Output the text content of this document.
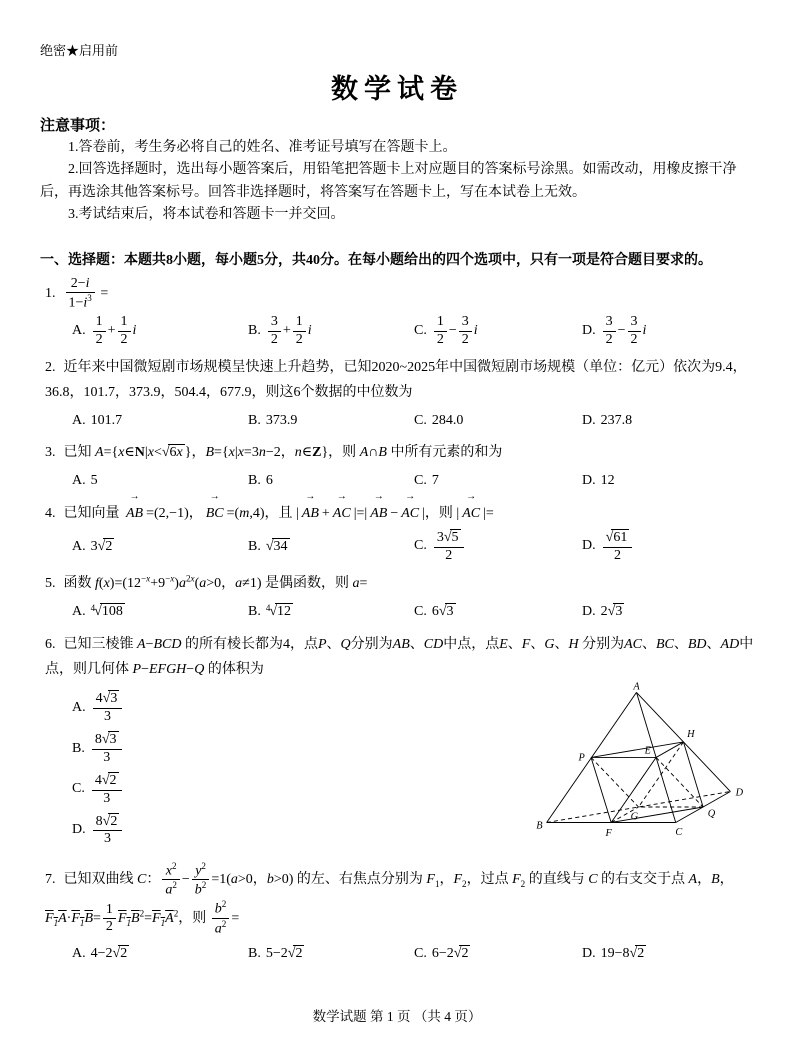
绝密★启用前
数学试卷
注意事项：

1.答卷前，考生务必将自己的姓名、准考证号填写在答题卡上。

2.回答选择题时，选出每小题答案后，用铅笔把答题卡上对应题目的答案标号涂黑。如需改动，用橡皮擦干净后，再选涂其他答案标号。回答非选择题时，将答案写在答题卡上，写在本试卷上无效。

3.考试结束后，将本试卷和答题卡一并交回。

一、选择题：本题共8小题，每小题5分，共40分。在每小题给出的四个选项中，只有一项是符合题目要求的。
1. $\frac{2-i}{1-i^3}$ =
A. $\frac{1}{2} + \frac{1}{2}$ i	B. $\frac{3}{2} + \frac{1}{2}$ i	C. $\frac{1}{2} - \frac{3}{2}$ i	D. $\frac{3}{2} - \frac{3}{2}$ i
2. 近年来中国微短剧市场规模呈快速上升趋势，已知2020~2025年中国微短剧市场规模（单位：亿元）依次为9.4，36.8，101.7，373.9，504.4，677.9，则这6个数据的中位数为
A. 101.7	B. 373.9	C. 284.0	D. 237.8
3. 已知 A={x∈N|x<√6x }，B={x|x=3n−2，n∈Z}，则 A∩B 中所有元素的和为
A. 5	B. 6	C. 7	D. 12
4. 已知向量 AB → =(2,−1)， BC → =(m,4)，且 | AB → + AC → |=| AB → − AC → |，则 | AC → |=
A. 3√2	B. √34	C. $\frac{3√5}{2}$	D. $\frac{√61}{2}$
5. 函数 $f(x)=(12^{-x}+9^{-x})a^{2x}(a>0$，a≠1) 是偶函数，则 a=
A. $^4$√108	B. $^4$√12	C. 6√3	D. 2√3
6. 已知三棱锥 A−BCD 的所有棱长都为4，点P、Q分别为AB、CD中点，点E、F、G、H 分别为AC、BC、BD、AD中点，则几何体 P−EFGH−Q 的体积为
A. $\frac{4√3}{3}$
B. $\frac{8√3}{3}$
C. $\frac{4√2}{3}$
D. $\frac{8√2}{3}$
A
B
C
D
E
F
G
H
P
Q
7. 已知双曲线 C： $\frac{x^2}{a^2} - \frac{y^2}{b^2} =1(a>0$，b>0) 的左、右焦点分别为 $F_1$，$F_2$，过点 $F_2$ 的直线与 C 的右支交于点 A，B，
$F_1A\cdot F_1B= \frac{1}{2} F_1B^2=F_1A^2$，则 $\frac{b^2}{a^2}$ =
A. 4−2√2	B. 5−2√2	C. 6−2√2	D. 19−8√2
数学试题 第 1 页 （共 4 页）
